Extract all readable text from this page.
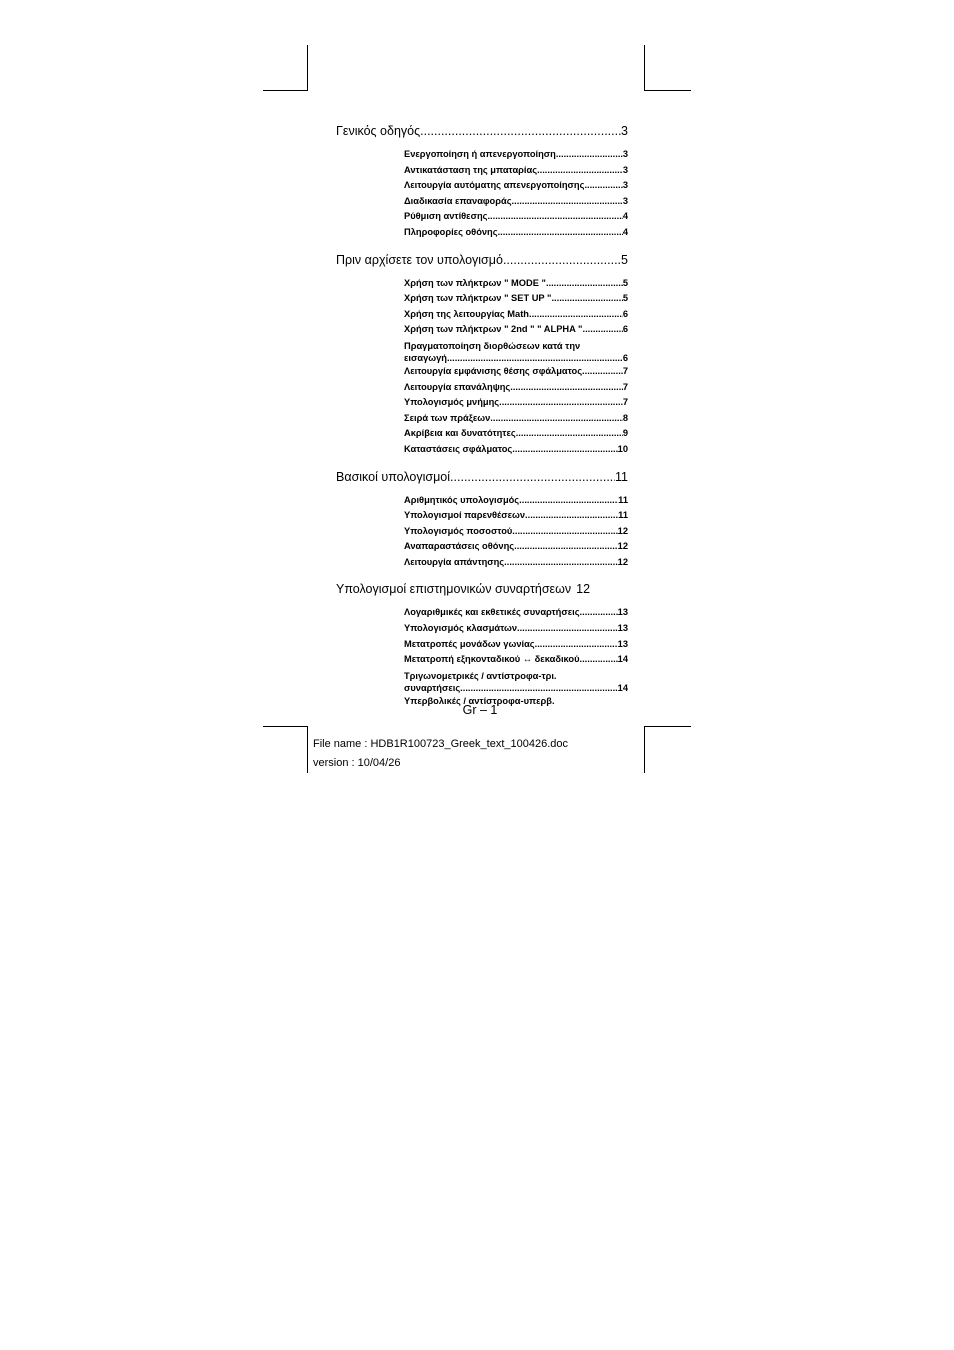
Γενικός οδηγός .....	3
Ενεργοποίηση ή απενεργοποίηση .....	3
Αντικατάσταση της μπαταρίας .....	3
Λειτουργία αυτόματης απενεργοποίησης .....	3
Διαδικασία επαναφοράς .....	3
Ρύθμιση αντίθεσης .....	4
Πληροφορίες οθόνης .....	4
Πριν αρχίσετε τον υπολογισμό .....	5
Χρήση των πλήκτρων " MODE " .....	5
Χρήση των πλήκτρων " SET UP " .....	5
Χρήση της λειτουργίας Math .....	6
Χρήση των πλήκτρων " 2nd " " ALPHA " .....	6
Πραγματοποίηση διορθώσεων κατά την
εισαγωγή .....	6
Λειτουργία εμφάνισης θέσης σφάλματος .....	7
Λειτουργία επανάληψης .....	7
Υπολογισμός μνήμης .....	7
Σειρά των πράξεων .....	8
Ακρίβεια και δυνατότητες .....	9
Καταστάσεις σφάλματος .....	10
Βασικοί υπολογισμοί .....	11
Αριθμητικός υπολογισμός .....	11
Υπολογισμοί παρενθέσεων .....	11
Υπολογισμός ποσοστού .....	12
Αναπαραστάσεις οθόνης .....	12
Λειτουργία απάντησης .....	12
Υπολογισμοί επιστημονικών συναρτήσεων 12
Λογαριθμικές και εκθετικές συναρτήσεις .....	13
Υπολογισμός κλασμάτων .....	13
Μετατροπές μονάδων γωνίας .....	13
Μετατροπή εξηκονταδικού ↔ δεκαδικού .....	14
Τριγωνομετρικές / αντίστροφα-τρι.
συναρτήσεις .....	14
Υπερβολικές / αντίστροφα-υπερβ.
Gr – 1
File name : HDB1R100723_Greek_text_100426.doc
version : 10/04/26
